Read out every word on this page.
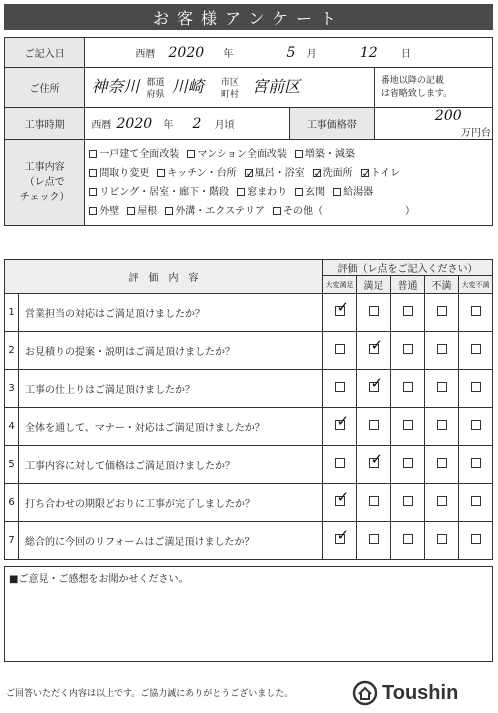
お客様アンケート
ご記入日	西暦 2020 年 5 月 12 日		
ご住所	神奈川 都道
府県 川崎 市区
町村 宮前区		番地以降の記載
は省略致します。
工事時期	西暦 2020 年 2 月頃	工事価格帯	200 万円台
工事内容
（レ点で
チェック）	一戸建て全面改装 マンション全面改装 増築・減築
間取り変更 キッチン・台所 ✓ 風呂・浴室 ✓ 洗面所 ✓ トイレ
リビング・居室・廊下・階段 窓まわり 玄関 給湯器
外壁 屋根 外溝・エクステリア その他（ ）
評　価　内　容		評価（レ点をご記入ください）				
		大変満足	満足	普通	不満	大変不満
1	営業担当の対応はご満足頂けましたか？	✓				
2	お見積りの提案・説明はご満足頂けましたか？		✓			
3	工事の仕上りはご満足頂けましたか？		✓			
4	全体を通して、マナー・対応はご満足頂けましたか？	✓				
5	工事内容に対して価格はご満足頂けましたか？		✓			
6	打ち合わせの期限どおりに工事が完了しましたか？	✓				
7	総合的に今回のリフォームはご満足頂けましたか？	✓				
■ご意見・ご感想をお聞かせください。
ご回答いただく内容は以上です。ご協力誠にありがとうございました。	Toushin
